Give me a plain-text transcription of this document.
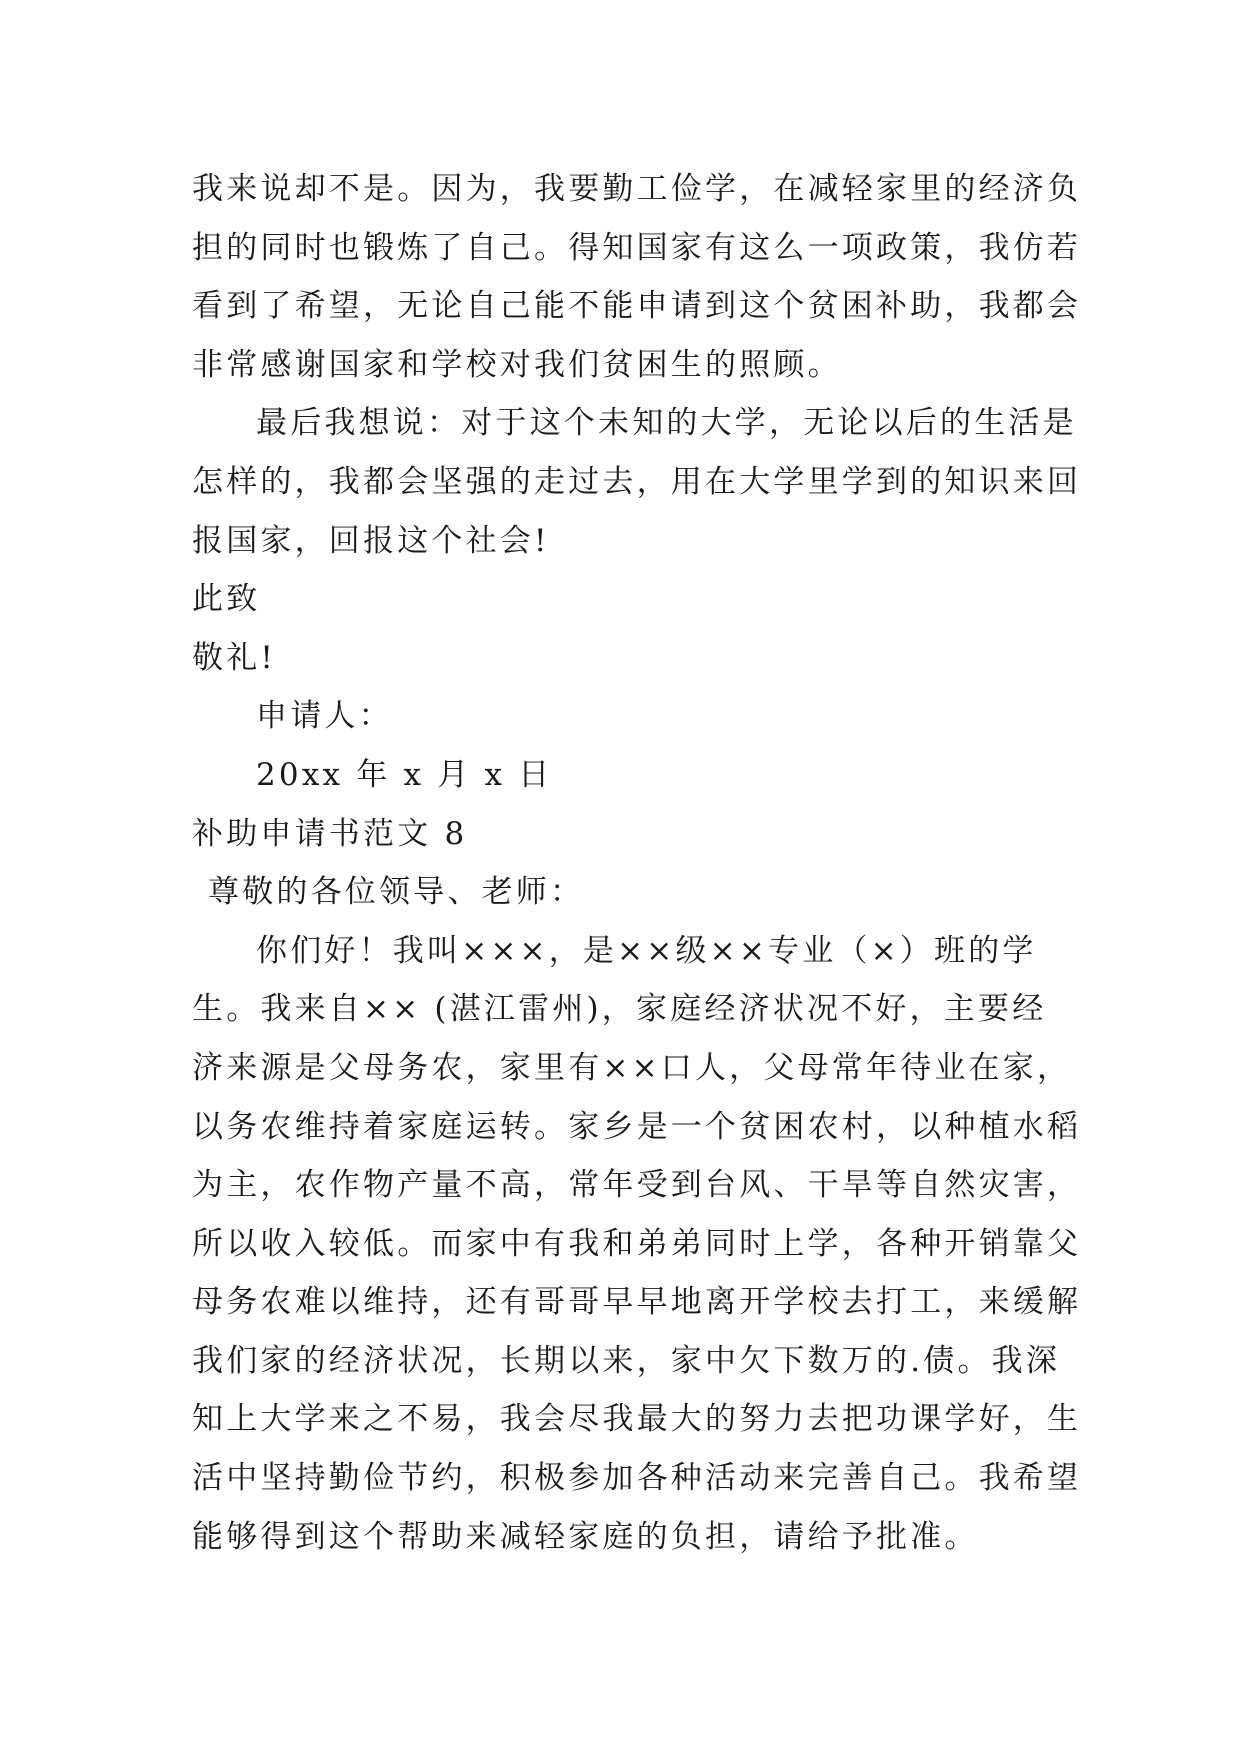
我来说却不是。因为，我要勤工俭学，在减轻家里的经济负
担的同时也锻炼了自己。得知国家有这么一项政策，我仿若
看到了希望，无论自己能不能申请到这个贫困补助，我都会
非常感谢国家和学校对我们贫困生的照顾。
最后我想说：对于这个未知的大学，无论以后的生活是
怎样的，我都会坚强的走过去，用在大学里学到的知识来回
报国家，回报这个社会!
此致
敬礼!
申请人：
20xx 年 x 月 x 日
补助申请书范文 8
尊敬的各位领导、老师：
你们好！我叫×××，是××级××专业（×）班的学
生。我来自×× (湛江雷州)，家庭经济状况不好，主要经
济来源是父母务农，家里有××口人，父母常年待业在家，
以务农维持着家庭运转。家乡是一个贫困农村，以种植水稻
为主，农作物产量不高，常年受到台风、干旱等自然灾害，
所以收入较低。而家中有我和弟弟同时上学，各种开销靠父
母务农难以维持，还有哥哥早早地离开学校去打工，来缓解
我们家的经济状况，长期以来，家中欠下数万的.债。我深
知上大学来之不易，我会尽我最大的努力去把功课学好，生
活中坚持勤俭节约，积极参加各种活动来完善自己。我希望
能够得到这个帮助来减轻家庭的负担，请给予批准。
